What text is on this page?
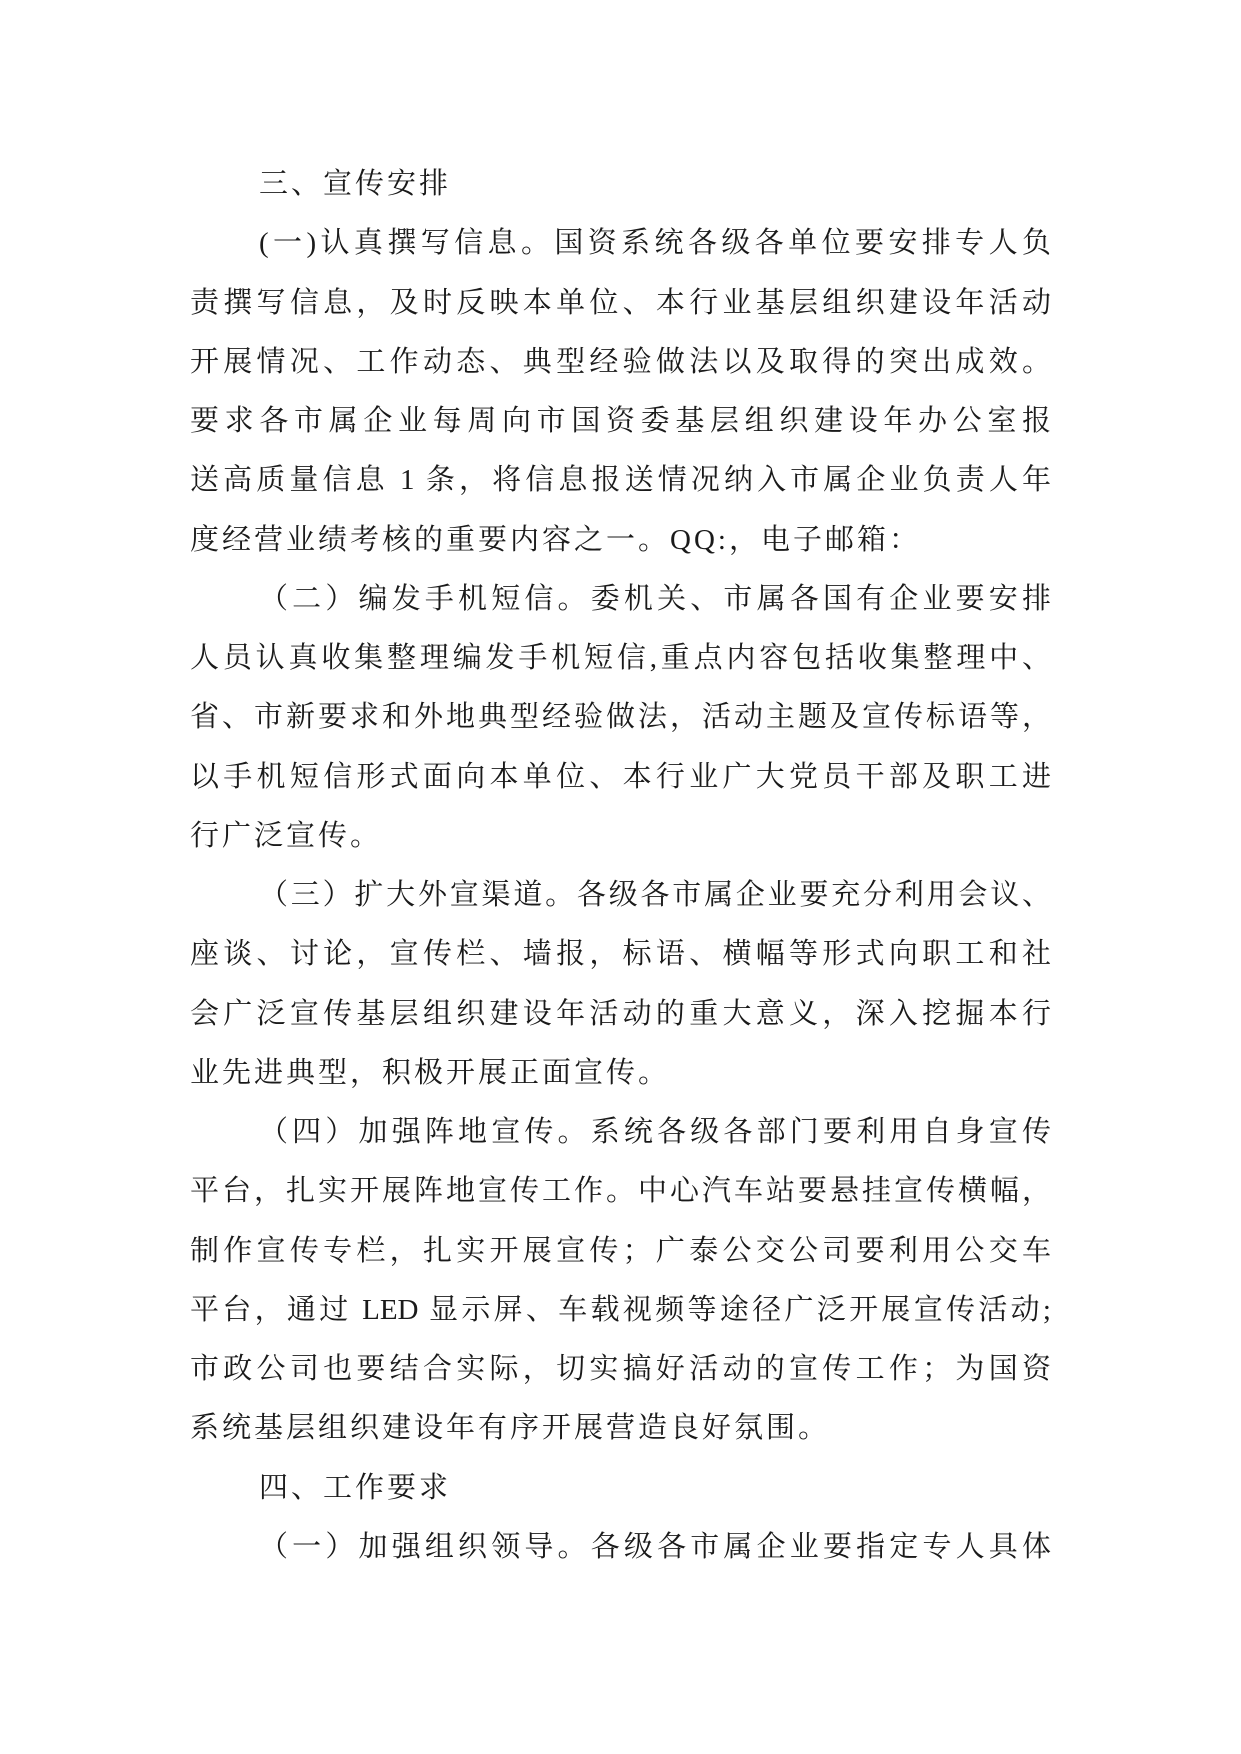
三、宣传安排
(一)认真撰写信息。国资系统各级各单位要安排专人负
责撰写信息，及时反映本单位、本行业基层组织建设年活动
开展情况、工作动态、典型经验做法以及取得的突出成效。
要求各市属企业每周向市国资委基层组织建设年办公室报
送高质量信息 1 条，将信息报送情况纳入市属企业负责人年
度经营业绩考核的重要内容之一。QQ:，电子邮箱：
（二）编发手机短信。委机关、市属各国有企业要安排
人员认真收集整理编发手机短信,重点内容包括收集整理中、
省、市新要求和外地典型经验做法，活动主题及宣传标语等，
以手机短信形式面向本单位、本行业广大党员干部及职工进
行广泛宣传。
（三）扩大外宣渠道。各级各市属企业要充分利用会议、
座谈、讨论，宣传栏、墙报，标语、横幅等形式向职工和社
会广泛宣传基层组织建设年活动的重大意义，深入挖掘本行
业先进典型，积极开展正面宣传。
（四）加强阵地宣传。系统各级各部门要利用自身宣传
平台，扎实开展阵地宣传工作。中心汽车站要悬挂宣传横幅，
制作宣传专栏，扎实开展宣传；广泰公交公司要利用公交车
平台，通过 LED 显示屏、车载视频等途径广泛开展宣传活动;
市政公司也要结合实际，切实搞好活动的宣传工作；为国资
系统基层组织建设年有序开展营造良好氛围。
四、工作要求
（一）加强组织领导。各级各市属企业要指定专人具体
